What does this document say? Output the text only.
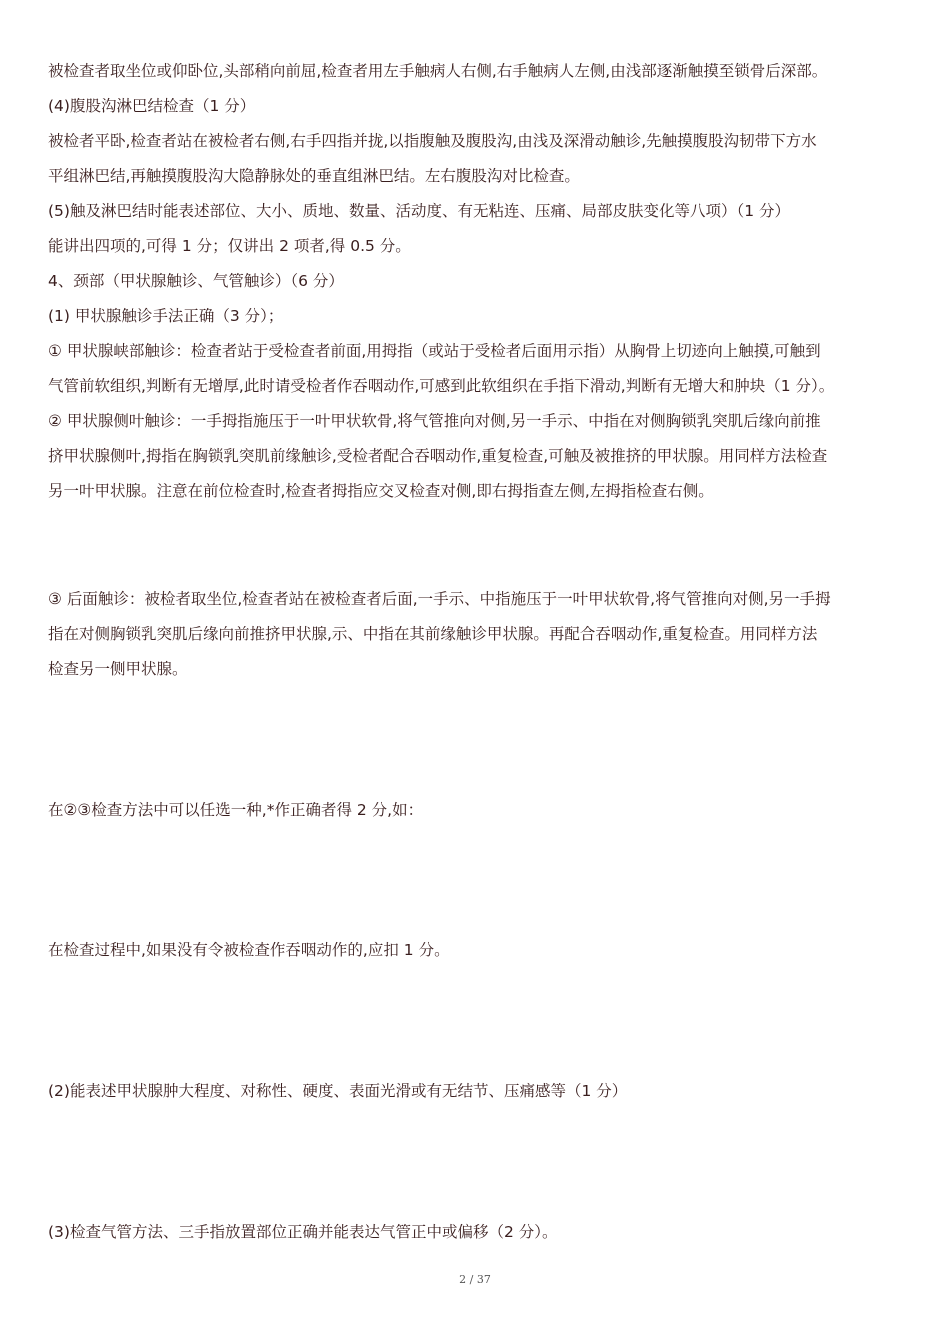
被检查者取坐位或仰卧位,头部稍向前屈,检查者用左手触病人右侧,右手触病人左侧,由浅部逐渐触摸至锁骨后深部。
(4)腹股沟淋巴结检查（1 分）
被检者平卧,检查者站在被检者右侧,右手四指并拢,以指腹触及腹股沟,由浅及深滑动触诊,先触摸腹股沟韧带下方水
平组淋巴结,再触摸腹股沟大隐静脉处的垂直组淋巴结。左右腹股沟对比检查。
(5)触及淋巴结时能表述部位、大小、质地、数量、活动度、有无粘连、压痛、局部皮肤变化等八项）（1 分）
能讲出四项的,可得 1 分；仅讲出 2 项者,得 0.5 分。
4、颈部（甲状腺触诊、气管触诊）（6 分）
(1) 甲状腺触诊手法正确（3 分）；
① 甲状腺峡部触诊：检查者站于受检查者前面,用拇指（或站于受检者后面用示指）从胸骨上切迹向上触摸,可触到
气管前软组织,判断有无增厚,此时请受检者作吞咽动作,可感到此软组织在手指下滑动,判断有无增大和肿块（1 分）。
② 甲状腺侧叶触诊：一手拇指施压于一叶甲状软骨,将气管推向对侧,另一手示、中指在对侧胸锁乳突肌后缘向前推
挤甲状腺侧叶,拇指在胸锁乳突肌前缘触诊,受检者配合吞咽动作,重复检查,可触及被推挤的甲状腺。用同样方法检查
另一叶甲状腺。注意在前位检查时,检查者拇指应交叉检查对侧,即右拇指查左侧,左拇指检查右侧。
③ 后面触诊：被检者取坐位,检查者站在被检查者后面,一手示、中指施压于一叶甲状软骨,将气管推向对侧,另一手拇
指在对侧胸锁乳突肌后缘向前推挤甲状腺,示、中指在其前缘触诊甲状腺。再配合吞咽动作,重复检查。用同样方法
检查另一侧甲状腺。
在②③检查方法中可以任选一种,*作正确者得 2 分,如：
在检查过程中,如果没有令被检查作吞咽动作的,应扣 1 分。
(2)能表述甲状腺肿大程度、对称性、硬度、表面光滑或有无结节、压痛感等（1 分）
(3)检查气管方法、三手指放置部位正确并能表达气管正中或偏移（2 分）。
2 / 37
